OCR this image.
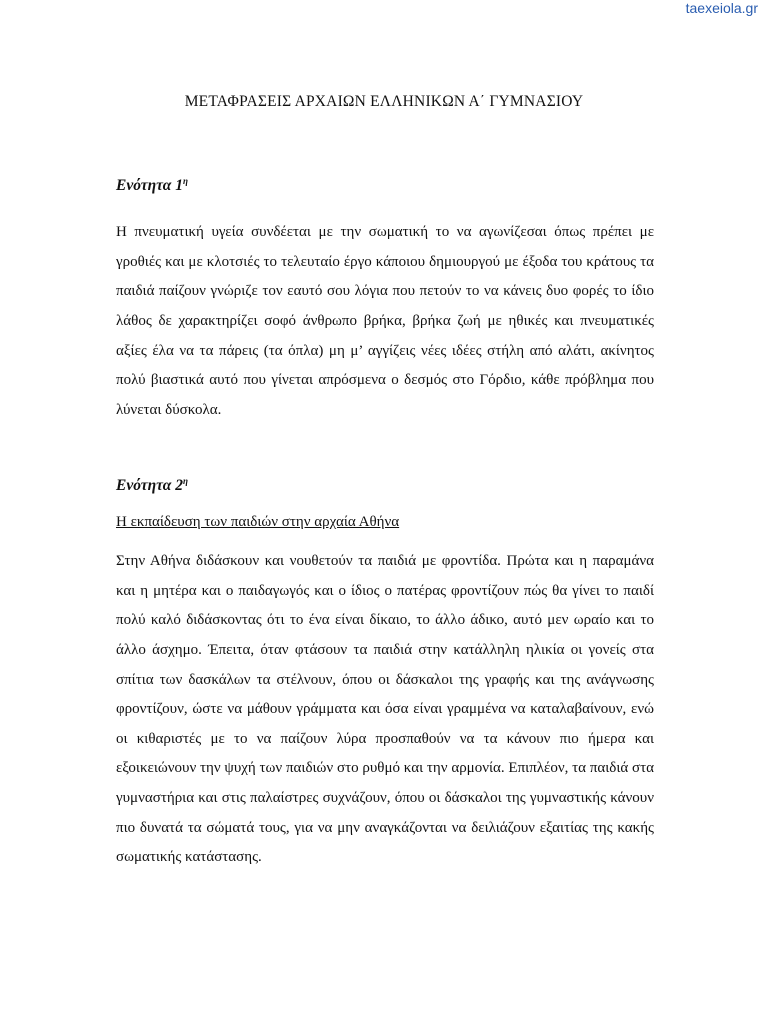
taexeiola.gr
ΜΕΤΑΦΡΑΣΕΙΣ ΑΡΧΑΙΩΝ ΕΛΛΗΝΙΚΩΝ Α΄ ΓΥΜΝΑΣΙΟΥ

Ενότητα $1^\eta$

Η πνευματική υγεία συνδέεται με την σωματική το να αγωνίζεσαι όπως πρέπει με γροθιές και με κλοτσιές το τελευταίο έργο κάποιου δημιουργού με έξοδα του κράτους τα παιδιά παίζουν γνώριζε τον εαυτό σου λόγια που πετούν το να κάνεις δυο φορές το ίδιο λάθος δε χαρακτηρίζει σοφό άνθρωπο βρήκα, βρήκα ζωή με ηθικές και πνευματικές αξίες έλα να τα πάρεις (τα όπλα) μη μ’ αγγίζεις νέες ιδέες στήλη από αλάτι, ακίνητος πολύ βιαστικά αυτό που γίνεται απρόσμενα ο δεσμός στο Γόρδιο, κάθε πρόβλημα που λύνεται δύσκολα.

Ενότητα $2^\eta$

Η εκπαίδευση των παιδιών στην αρχαία Αθήνα

Στην Αθήνα διδάσκουν και νουθετούν τα παιδιά με φροντίδα. Πρώτα και η παραμάνα και η μητέρα και ο παιδαγωγός και ο ίδιος ο πατέρας φροντίζουν πώς θα γίνει το παιδί πολύ καλό διδάσκοντας ότι το ένα είναι δίκαιο, το άλλο άδικο, αυτό μεν ωραίο και το άλλο άσχημο. Έπειτα, όταν φτάσουν τα παιδιά στην κατάλληλη ηλικία οι γονείς στα σπίτια των δασκάλων τα στέλνουν, όπου οι δάσκαλοι της γραφής και της ανάγνωσης φροντίζουν, ώστε να μάθουν γράμματα και όσα είναι γραμμένα να καταλαβαίνουν, ενώ οι κιθαριστές με το να παίζουν λύρα προσπαθούν να τα κάνουν πιο ήμερα και εξοικειώνουν την ψυχή των παιδιών στο ρυθμό και την αρμονία. Επιπλέον, τα παιδιά στα γυμναστήρια και στις παλαίστρες συχνάζουν, όπου οι δάσκαλοι της γυμναστικής κάνουν πιο δυνατά τα σώματά τους, για να μην αναγκάζονται να δειλιάζουν εξαιτίας της κακής σωματικής κατάστασης.
